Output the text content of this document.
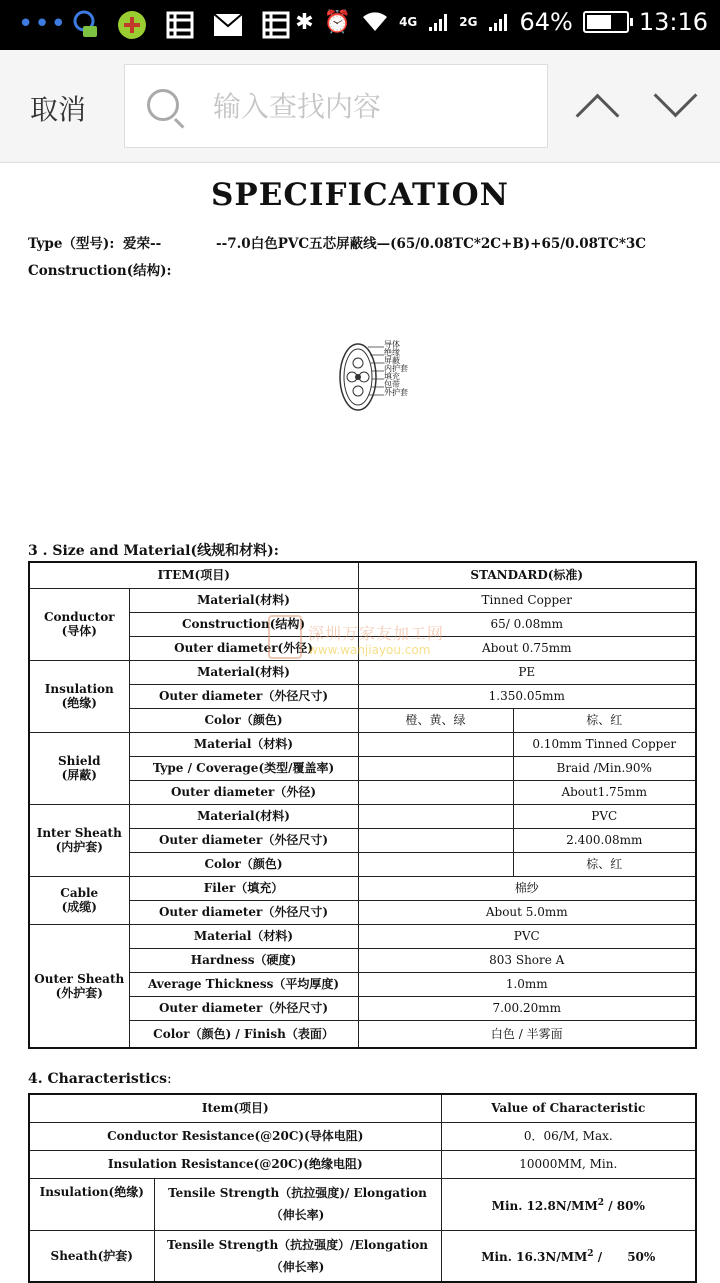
•••	✱ ⏰	4G	2G 64%	13:16
取消
输入查找内容
SPECIFICATION
Type（型号): 爱荣--	--7.0白色PVC五芯屏蔽线—(65/0.08TC*2C+B)+65/0.08TC*3C
Construction(结构):
导体
绝缘
屏蔽
内护套
填充
包带
外护套
3 . Size and Material(线规和材料):
ITEM(项目)		STANDARD(标准)	

Conductor
(导体)	Material(材料)	Tinned Copper	
	Construction(结构)	65/ 0.08mm	
	Outer diameter(外径)	About 0.75mm	

Insulation
(绝缘)	Material(材料)	PE	
	Outer diameter（外径尺寸)	1.350.05mm	
	Color（颜色)	橙、黄、绿	棕、红

Shield
(屏蔽)	Material（材料)		0.10mm Tinned Copper
	Type / Coverage(类型/覆盖率)		Braid /Min.90%
	Outer diameter（外径)		About1.75mm

Inter Sheath
(内护套)	Material(材料)		PVC
	Outer diameter（外径尺寸)		2.400.08mm
	Color（颜色)		棕、红

Cable
(成缆)	Filer（填充）	棉纱	
	Outer diameter（外径尺寸)	About 5.0mm	

Outer Sheath
(外护套)	Material（材料)	PVC	
	Hardness（硬度)	803 Shore A	
	Average Thickness（平均厚度)	1.0mm	
	Outer diameter（外径尺寸)	7.00.20mm	
	Color（颜色) / Finish（表面）	白色 / 半雾面	
深圳万家友加工网
www.wanjiayou.com
4. Characteristics:
Item(项目)		Value of Characteristic
Conductor Resistance(@20C)(导体电阻)		0．06/M, Max.
Insulation Resistance(@20C)(绝缘电阻)		10000MM, Min.
Insulation(绝缘)	Tensile Strength（抗拉强度)/ Elongation（伸长率)	Min. $12.8N/MM^2 / 80\%$
Sheath(护套)	Tensile Strength（抗拉强度）/Elongation （伸长率)	Min. $16.3N/MM^2$ /      50%
